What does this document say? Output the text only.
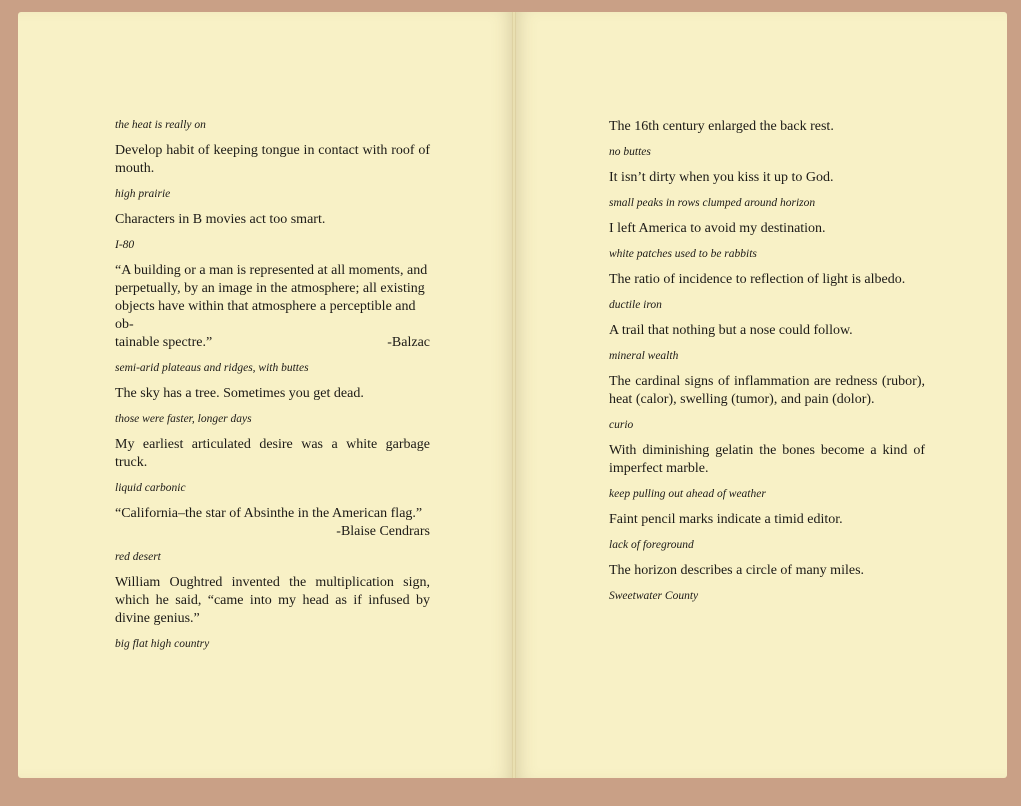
the heat is really on
Develop habit of keeping tongue in contact with roof of mouth.
high prairie
Characters in B movies act too smart.
I-80
“A building or a man is represented at all moments, and
perpetually, by an image in the atmosphere; all existing
objects have within that atmosphere a perceptible and ob-
tainable spectre.”	-Balzac
semi-arid plateaus and ridges, with buttes
The sky has a tree. Sometimes you get dead.
those were faster, longer days
My earliest articulated desire was a white garbage truck.
liquid carbonic
“California–the star of Absinthe in the American flag.”
-Blaise Cendrars
red desert
William Oughtred invented the multiplication sign, which he said, “came into my head as if infused by divine genius.”
big flat high country
The 16th century enlarged the back rest.
no buttes
It isn’t dirty when you kiss it up to God.
small peaks in rows clumped around horizon
I left America to avoid my destination.
white patches used to be rabbits
The ratio of incidence to reflection of light is albedo.
ductile iron
A trail that nothing but a nose could follow.
mineral wealth
The cardinal signs of inflammation are redness (rubor), heat (calor), swelling (tumor), and pain (dolor).
curio
With diminishing gelatin the bones become a kind of imperfect marble.
keep pulling out ahead of weather
Faint pencil marks indicate a timid editor.
lack of foreground
The horizon describes a circle of many miles.
Sweetwater County
